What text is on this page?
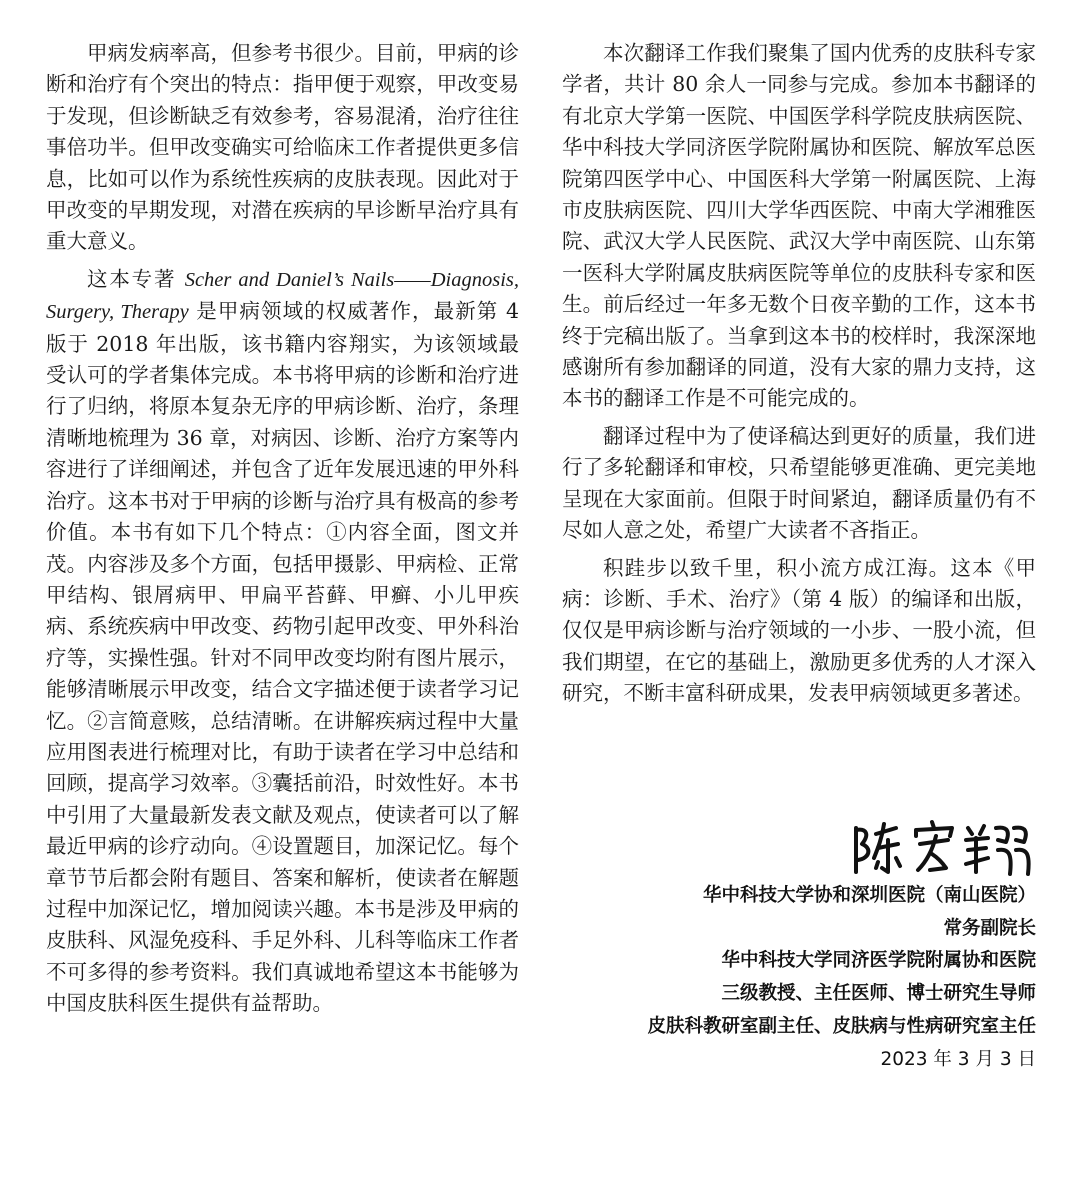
甲病发病率高，但参考书很少。目前，甲病的诊断和治疗有个突出的特点：指甲便于观察，甲改变易于发现，但诊断缺乏有效参考，容易混淆，治疗往往事倍功半。但甲改变确实可给临床工作者提供更多信息，比如可以作为系统性疾病的皮肤表现。因此对于甲改变的早期发现，对潜在疾病的早诊断早治疗具有重大意义。

这本专著 Scher and Daniel’s Nails——Diagnosis, Surgery, Therapy 是甲病领域的权威著作，最新第 4 版于 2018 年出版，该书籍内容翔实，为该领域最受认可的学者集体完成。本书将甲病的诊断和治疗进行了归纳，将原本复杂无序的甲病诊断、治疗，条理清晰地梳理为 36 章，对病因、诊断、治疗方案等内容进行了详细阐述，并包含了近年发展迅速的甲外科治疗。这本书对于甲病的诊断与治疗具有极高的参考价值。本书有如下几个特点：①内容全面，图文并茂。内容涉及多个方面，包括甲摄影、甲病检、正常甲结构、银屑病甲、甲扁平苔藓、甲癣、小儿甲疾病、系统疾病中甲改变、药物引起甲改变、甲外科治疗等，实操性强。针对不同甲改变均附有图片展示，能够清晰展示甲改变，结合文字描述便于读者学习记忆。②言简意赅，总结清晰。在讲解疾病过程中大量应用图表进行梳理对比，有助于读者在学习中总结和回顾，提高学习效率。③囊括前沿，时效性好。本书中引用了大量最新发表文献及观点，使读者可以了解最近甲病的诊疗动向。④设置题目，加深记忆。每个章节节后都会附有题目、答案和解析，使读者在解题过程中加深记忆，增加阅读兴趣。本书是涉及甲病的皮肤科、风湿免疫科、手足外科、儿科等临床工作者不可多得的参考资料。我们真诚地希望这本书能够为中国皮肤科医生提供有益帮助。

本次翻译工作我们聚集了国内优秀的皮肤科专家学者，共计 80 余人一同参与完成。参加本书翻译的有北京大学第一医院、中国医学科学院皮肤病医院、华中科技大学同济医学院附属协和医院、解放军总医院第四医学中心、中国医科大学第一附属医院、上海市皮肤病医院、四川大学华西医院、中南大学湘雅医院、武汉大学人民医院、武汉大学中南医院、山东第一医科大学附属皮肤病医院等单位的皮肤科专家和医生。前后经过一年多无数个日夜辛勤的工作，这本书终于完稿出版了。当拿到这本书的校样时，我深深地感谢所有参加翻译的同道，没有大家的鼎力支持，这本书的翻译工作是不可能完成的。

翻译过程中为了使译稿达到更好的质量，我们进行了多轮翻译和审校，只希望能够更准确、更完美地呈现在大家面前。但限于时间紧迫，翻译质量仍有不尽如人意之处，希望广大读者不吝指正。

积跬步以致千里，积小流方成江海。这本《甲病：诊断、手术、治疗》（第 4 版）的编译和出版，仅仅是甲病诊断与治疗领域的一小步、一股小流，但我们期望，在它的基础上，激励更多优秀的人才深入研究，不断丰富科研成果，发表甲病领域更多著述。

华中科技大学协和深圳医院（南山医院）
常务副院长
华中科技大学同济医学院附属协和医院
三级教授、主任医师、博士研究生导师
皮肤科教研室副主任、皮肤病与性病研究室主任
2023 年 3 月 3 日
